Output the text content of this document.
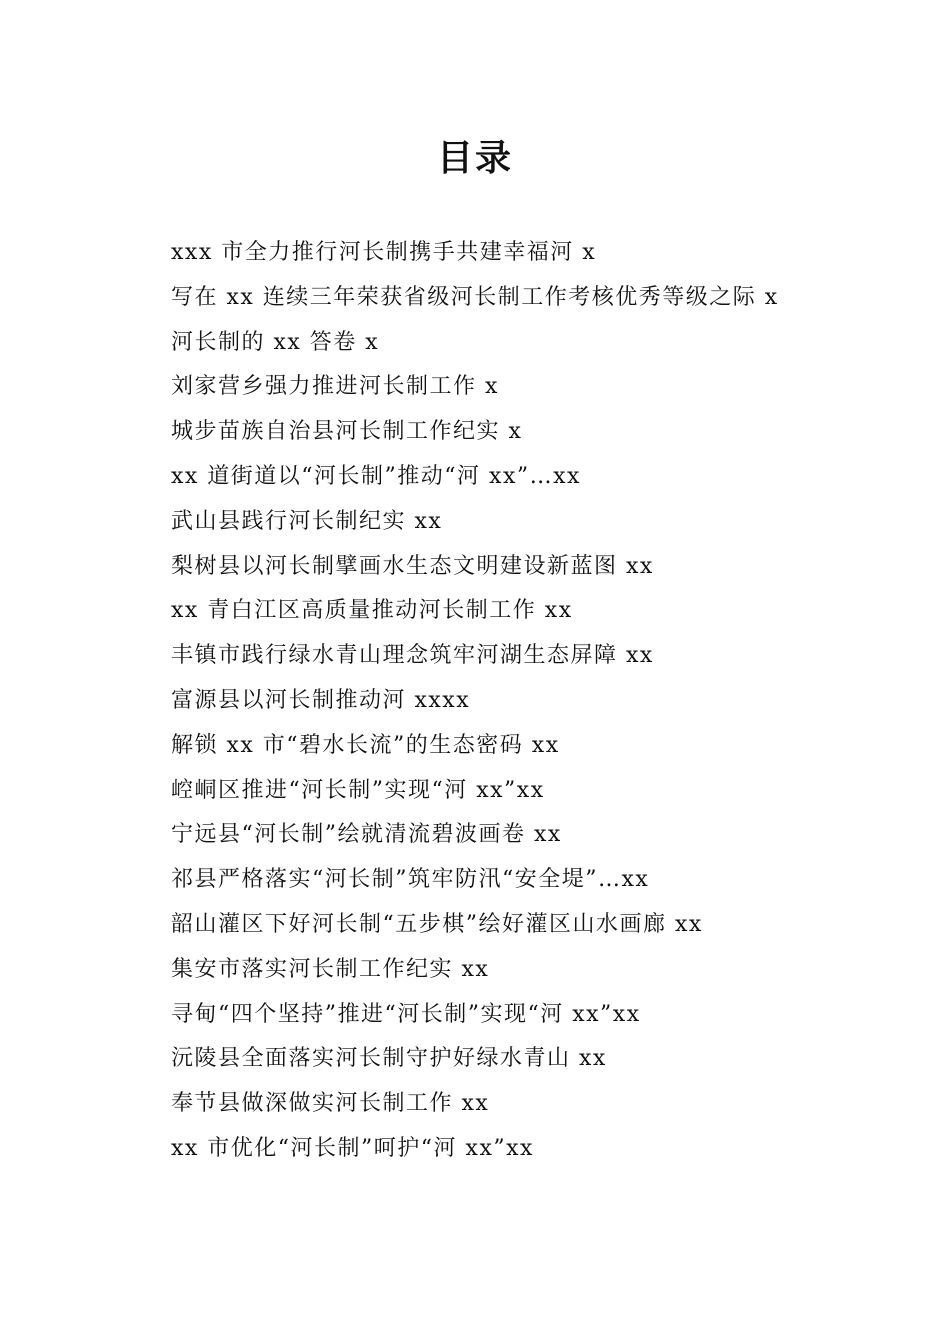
目录
xxx 市全力推行河长制携手共建幸福河 x
写在 xx 连续三年荣获省级河长制工作考核优秀等级之际 x
河长制的 xx 答卷 x
刘家营乡强力推进河长制工作 x
城步苗族自治县河长制工作纪实 x
xx 道街道以“河长制”推动“河 xx”…xx
武山县践行河长制纪实 xx
梨树县以河长制擘画水生态文明建设新蓝图 xx
xx 青白江区高质量推动河长制工作 xx
丰镇市践行绿水青山理念筑牢河湖生态屏障 xx
富源县以河长制推动河 xxxx
解锁 xx 市“碧水长流”的生态密码 xx
崆峒区推进“河长制”实现“河 xx”xx
宁远县“河长制”绘就清流碧波画卷 xx
祁县严格落实“河长制”筑牢防汛“安全堤”…xx
韶山灌区下好河长制“五步棋”绘好灌区山水画廊 xx
集安市落实河长制工作纪实 xx
寻甸“四个坚持”推进“河长制”实现“河 xx”xx
沅陵县全面落实河长制守护好绿水青山 xx
奉节县做深做实河长制工作 xx
xx 市优化“河长制”呵护“河 xx”xx
